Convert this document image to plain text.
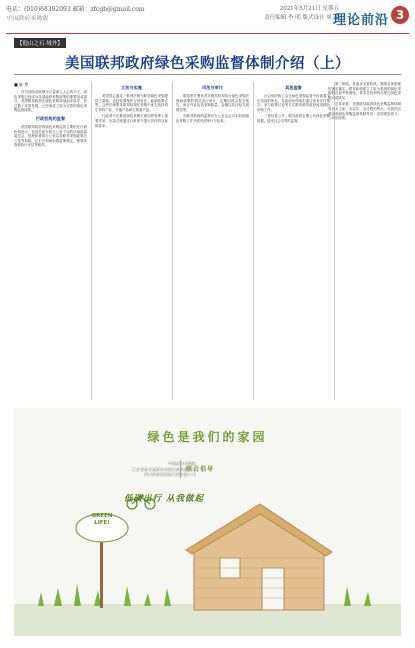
电话：(010)68392093 邮箱：zfcgb@gmail.com
中国政府采购报
2021年5月21日 星期五
责任编辑 李 明 版式设计 周 亮
理论前沿 3
【他山之石·域外】
美国联邦政府绿色采购监督体制介绍（上）
■ 陈 然

在可持续发展理念日益深入人心的今天，绿色采购已经成为各国政府采购政策的重要组成部分。美国联邦政府在绿色采购领域起步较早，经过数十年的发展，已经形成了较为完善的绿色采购监督体制。

行政机构的监督

美国联邦政府的绿色采购监督主要依托行政机构进行，包括总统行政办公室下设的环境质量委员会、管理和预算办公室以及联邦采购政策办公室等机构，它们分别承担着政策制定、预算审查和执行评估等职责。

立法与实施

美国国会通过一系列法律为联邦绿色采购提供了基础，包括资源保护与回收法、能源政策法等。这些法律要求联邦机构在采购中优先选择再生材料产品、节能产品和生物基产品。

行政命令在推动绿色采购方面同样发挥了重要作用，历届总统通过行政命令提出具体的目标和要求。

司法与审计

联邦审计署负责对联邦机构执行绿色采购法律和政策的情况进行审计，定期向国会提交报告。审计内容包括采购数量、金额以及目标完成情况等。

各联邦机构的监察长办公室也会对本机构绿色采购工作开展内部审计与检查。

其他监督

社会组织和公众在绿色采购监督中扮演着不可忽视的角色。非政府环保组织通过发布评估报告、参与政策讨论等方式推动联邦政府改进绿色采购工作。

一是信息公开。联邦政府定期公布绿色采购数据，接受社会各界的监督。

第二阶段，是逐步完善阶段。随着各项制度的逐步落实，联邦政府建立了较为系统的绿色采购报告和考核制度，要求各机构每年报告绿色采购完成情况。

总体来看，美国联邦政府绿色采购监督体制具有多主体、多层次、全过程的特点，对我国完善政府绿色采购监督机制具有一定的借鉴意义。（未完待续）

绿色是我们的家园
中国政府采购报
江苏省政采通政府采购咨询有限公司
四川创新园国际代理有限公司
联合倡导
低碳出行 从我做起
GREEN
LIFE!
